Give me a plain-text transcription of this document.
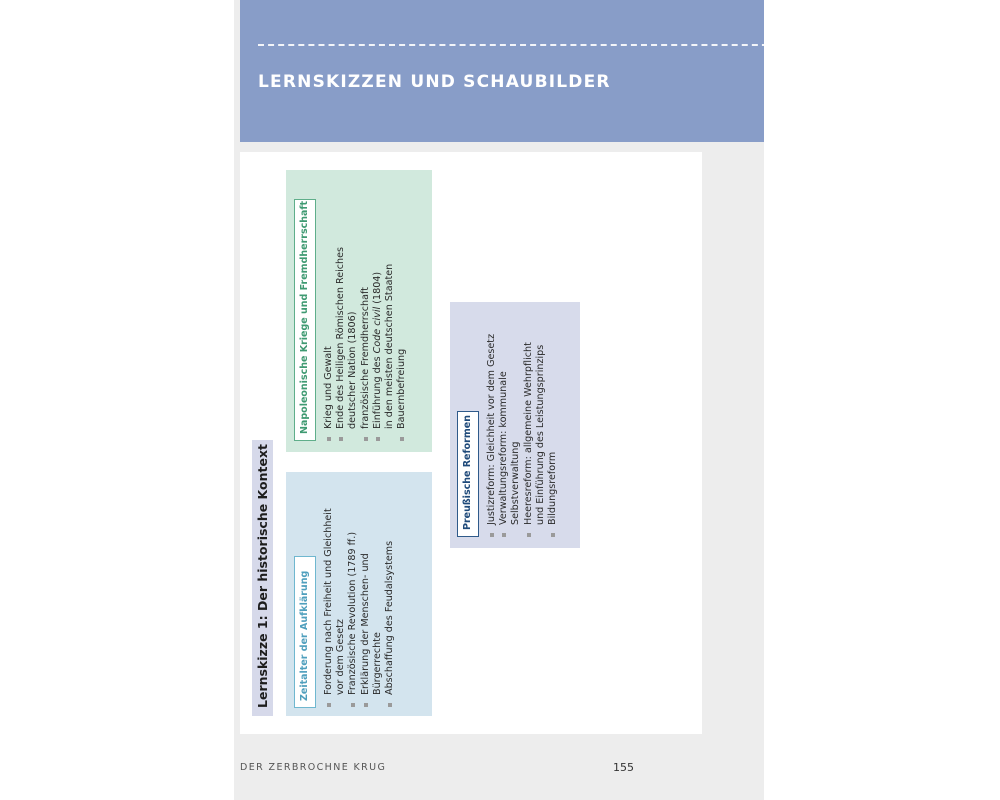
LERNSKIZZEN UND SCHAUBILDER
Lernskizze 1: Der historische Kontext
Napoleonische Kriege und Fremdherrschaft	Krieg und Gewalt Ende des Heiligen Römischen Reiches deutscher Nation (1806) französische Fremdherrschaft Einführung des Code civil (1804) in den meisten deutschen Staaten Bauernbefreiung
Zeitalter der Aufklärung	Forderung nach Freiheit und Gleichheit vor dem Gesetz Französische Revolution (1789 ff.) Erklärung der Menschen- und Bürgerrechte Abschaffung des Feudalsystems
Preußische Reformen	Justizreform: Gleichheit vor dem Gesetz Verwaltungsreform: kommunale Selbstverwaltung Heeresreform: allgemeine Wehrpflicht und Einführung des Leistungsprinzips Bildungsreform
DER ZERBROCHNE KRUG	155
